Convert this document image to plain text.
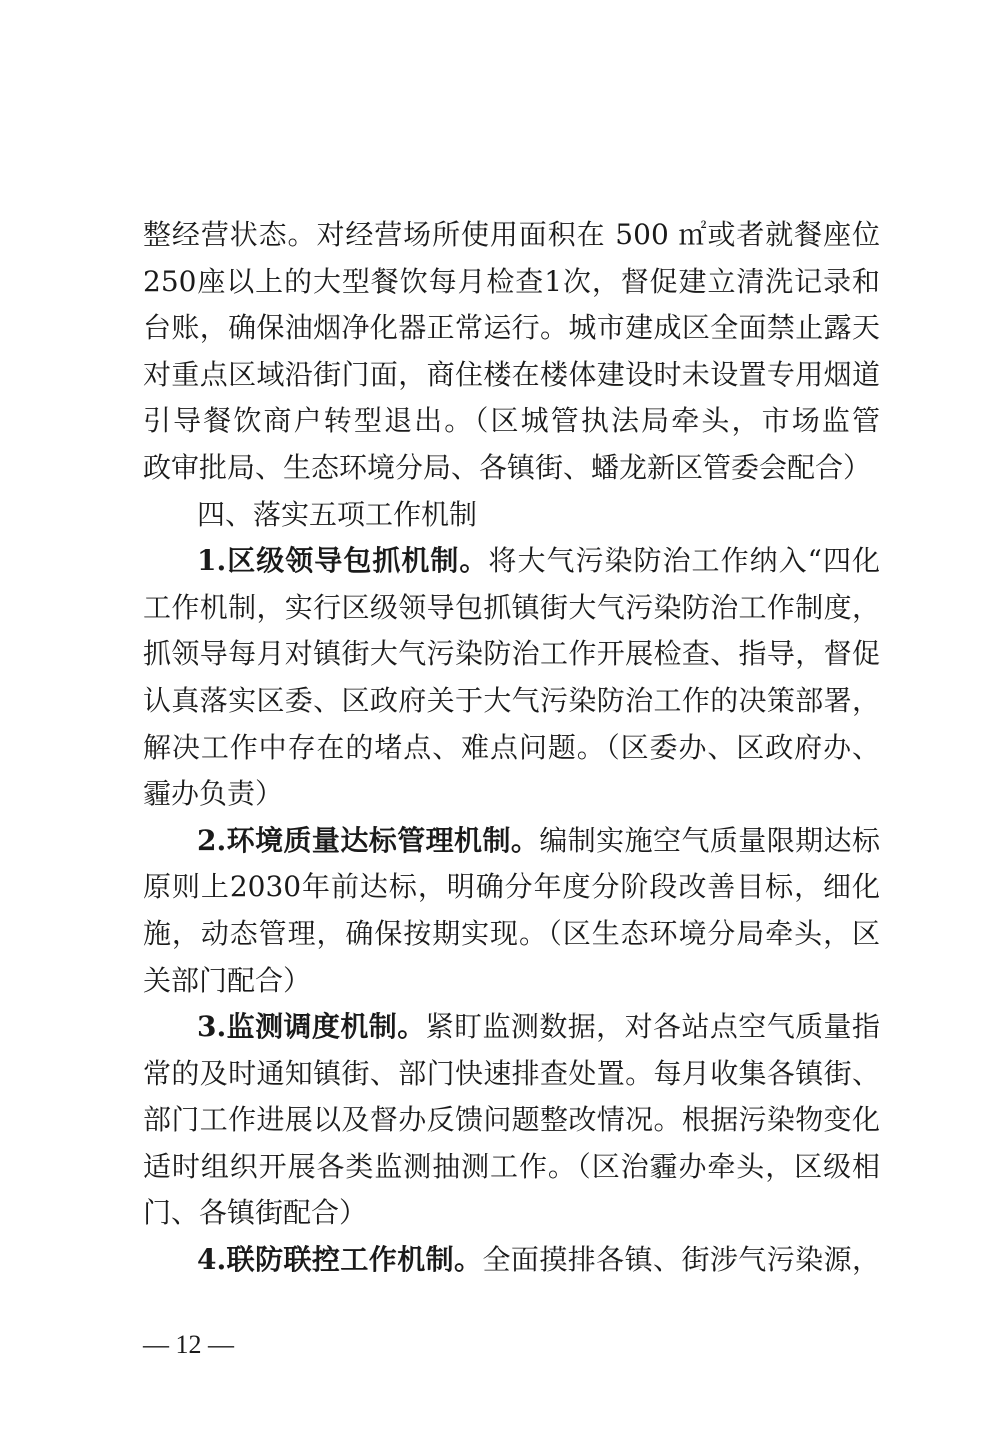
整经营状态。对经营场所使用面积在 500 ㎡或者就餐座位
250座以上的大型餐饮每月检查1次，督促建立清洗记录和
台账，确保油烟净化器正常运行。城市建成区全面禁止露天
对重点区域沿街门面，商住楼在楼体建设时未设置专用烟道
引导餐饮商户转型退出。（区城管执法局牵头，市场监管
政审批局、生态环境分局、各镇街、蟠龙新区管委会配合）
四、落实五项工作机制
1.区级领导包抓机制。将大气污染防治工作纳入“四化
工作机制，实行区级领导包抓镇街大气污染防治工作制度，
抓领导每月对镇街大气污染防治工作开展检查、指导，督促
认真落实区委、区政府关于大气污染防治工作的决策部署，
解决工作中存在的堵点、难点问题。（区委办、区政府办、
霾办负责）
2.环境质量达标管理机制。编制实施空气质量限期达标
原则上2030年前达标，明确分年度分阶段改善目标，细化
施，动态管理，确保按期实现。（区生态环境分局牵头，区
关部门配合）
3.监测调度机制。紧盯监测数据，对各站点空气质量指
常的及时通知镇街、部门快速排查处置。每月收集各镇街、
部门工作进展以及督办反馈问题整改情况。根据污染物变化
适时组织开展各类监测抽测工作。（区治霾办牵头，区级相
门、各镇街配合）
4.联防联控工作机制。全面摸排各镇、街涉气污染源，
— 12 —
